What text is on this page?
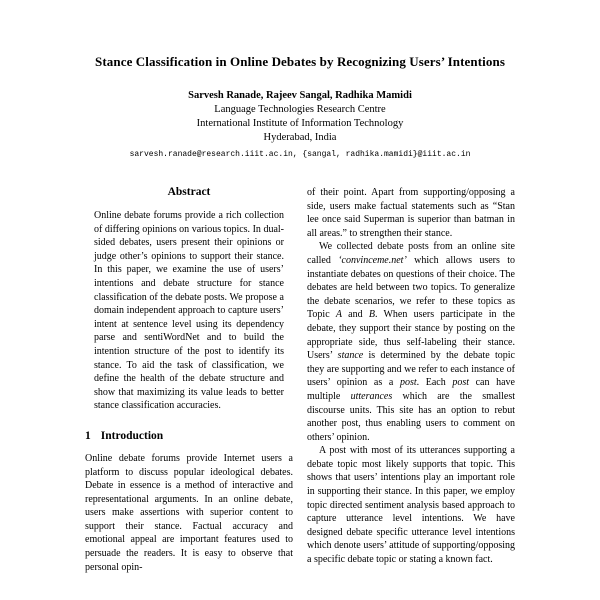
Stance Classification in Online Debates by Recognizing Users’ Intentions
Sarvesh Ranade, Rajeev Sangal, Radhika Mamidi
Language Technologies Research Centre
International Institute of Information Technology
Hyderabad, India
sarvesh.ranade@research.iiit.ac.in, {sangal, radhika.mamidi}@iiit.ac.in
Abstract

Online debate forums provide a rich collection of differing opinions on various topics. In dual-sided debates, users present their opinions or judge other’s opinions to support their stance. In this paper, we examine the use of users’ intentions and debate structure for stance classification of the debate posts. We propose a domain independent approach to capture users’ intent at sentence level using its dependency parse and sentiWordNet and to build the intention structure of the post to identify its stance. To aid the task of classification, we define the health of the debate structure and show that maximizing its value leads to better stance classification accuracies.

1 Introduction

Online debate forums provide Internet users a platform to discuss popular ideological debates. Debate in essence is a method of interactive and representational arguments. In an online debate, users make assertions with superior content to support their stance. Factual accuracy and emotional appeal are important features used to persuade the readers. It is easy to observe that personal opin-

of their point. Apart from supporting/opposing a side, users make factual statements such as “Stan lee once said Superman is superior than batman in all areas.” to strengthen their stance.

We collected debate posts from an online site called ‘convinceme.net’ which allows users to instantiate debates on questions of their choice. The debates are held between two topics. To generalize the debate scenarios, we refer to these topics as Topic A and B. When users participate in the debate, they support their stance by posting on the appropriate side, thus self-labeling their stance. Users’ stance is determined by the debate topic they are supporting and we refer to each instance of users’ opinion as a post. Each post can have multiple utterances which are the smallest discourse units. This site has an option to rebut another post, thus enabling users to comment on others’ opinion.

A post with most of its utterances supporting a debate topic most likely supports that topic. This shows that users’ intentions play an important role in supporting their stance. In this paper, we employ topic directed sentiment analysis based approach to capture utterance level intentions. We have designed debate specific utterance level intentions which denote users’ attitude of supporting/opposing a specific debate topic or stating a known fact.
